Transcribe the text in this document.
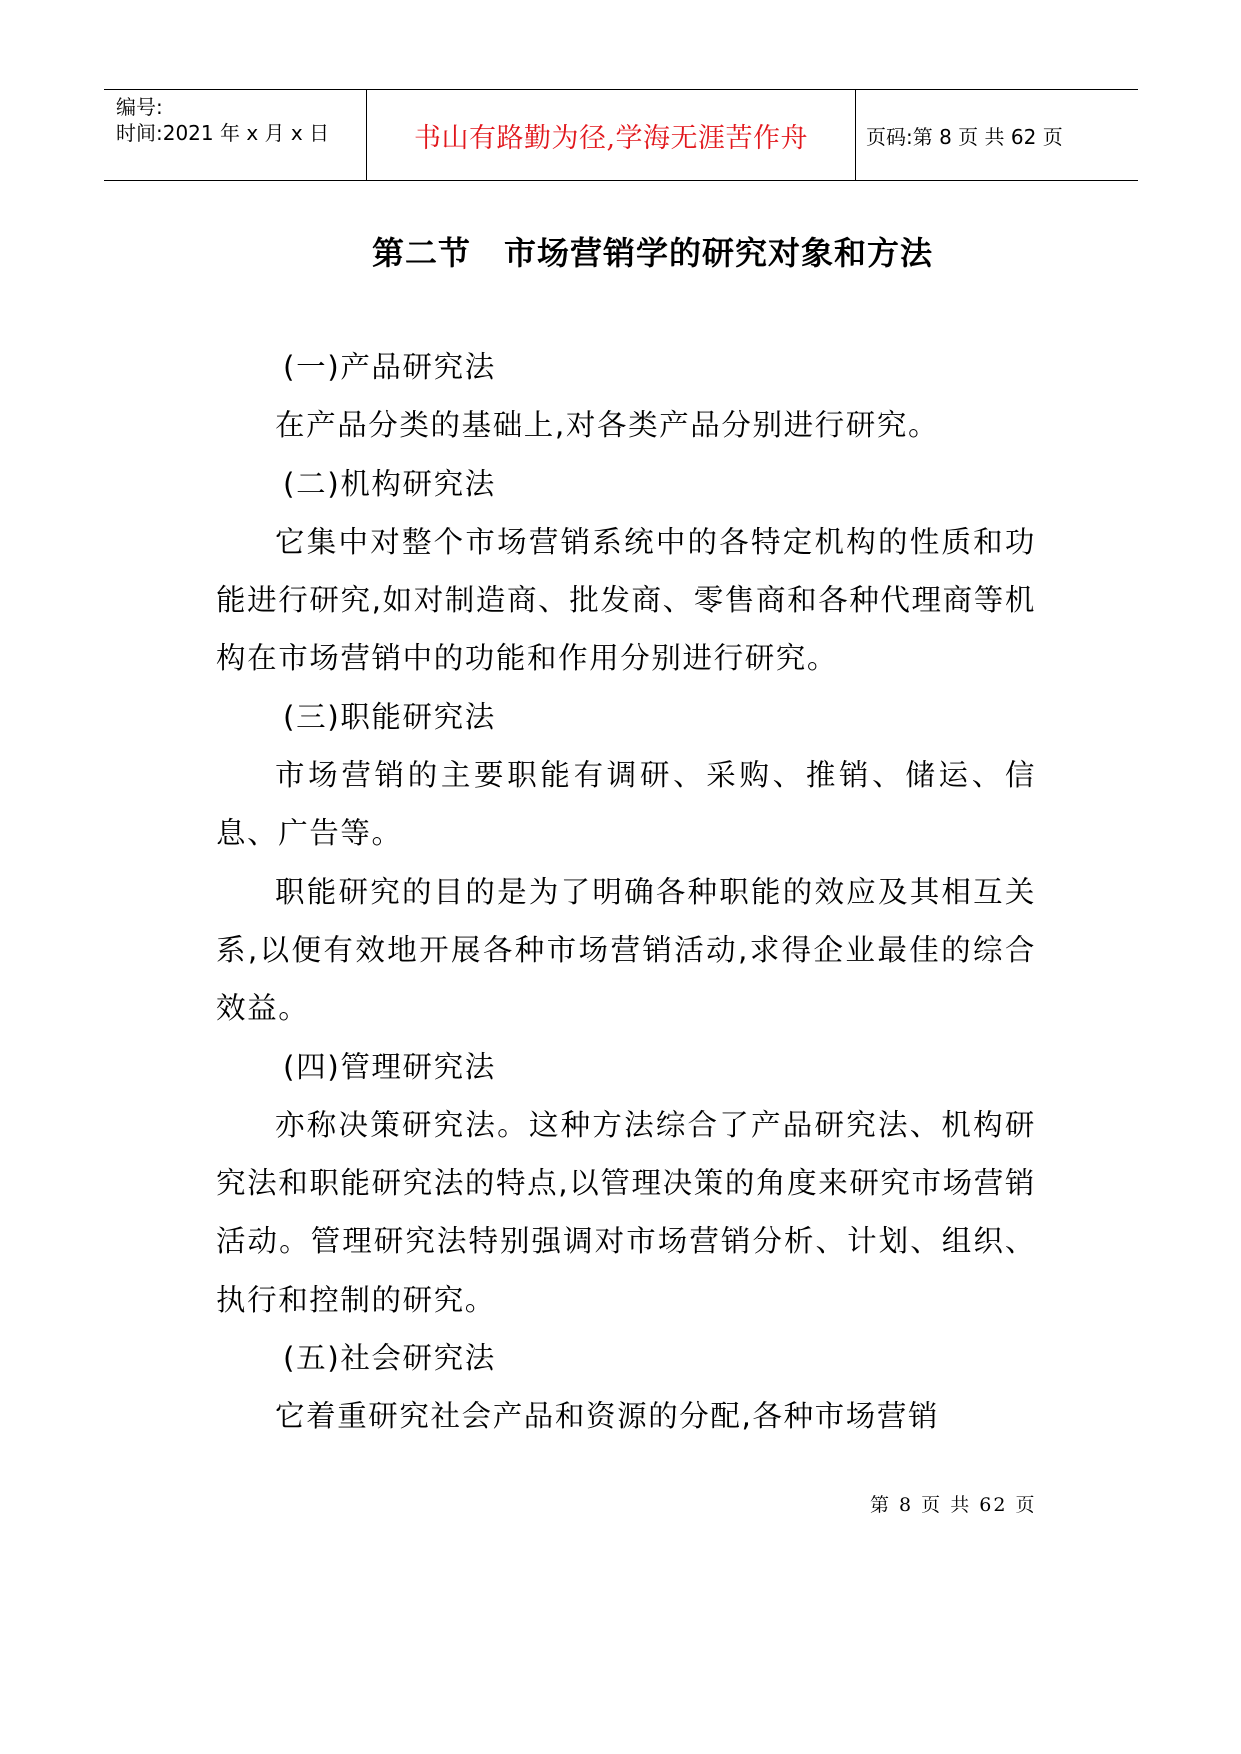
编号:
时间:2021 年 x 月 x 日	书山有路勤为径,学海无涯苦作舟	页码:第 8 页 共 62 页
第二节　市场营销学的研究对象和方法

(一)产品研究法

在产品分类的基础上,对各类产品分别进行研究。

(二)机构研究法

它集中对整个市场营销系统中的各特定机构的性质和功能进行研究,如对制造商、批发商、零售商和各种代理商等机构在市场营销中的功能和作用分别进行研究。

(三)职能研究法

市场营销的主要职能有调研、采购、推销、储运、信息、广告等。

职能研究的目的是为了明确各种职能的效应及其相互关系,以便有效地开展各种市场营销活动,求得企业最佳的综合效益。

(四)管理研究法

亦称决策研究法。这种方法综合了产品研究法、机构研究法和职能研究法的特点,以管理决策的角度来研究市场营销活动。管理研究法特别强调对市场营销分析、计划、组织、执行和控制的研究。

(五)社会研究法

它着重研究社会产品和资源的分配,各种市场营销

第 8 页 共 62 页
